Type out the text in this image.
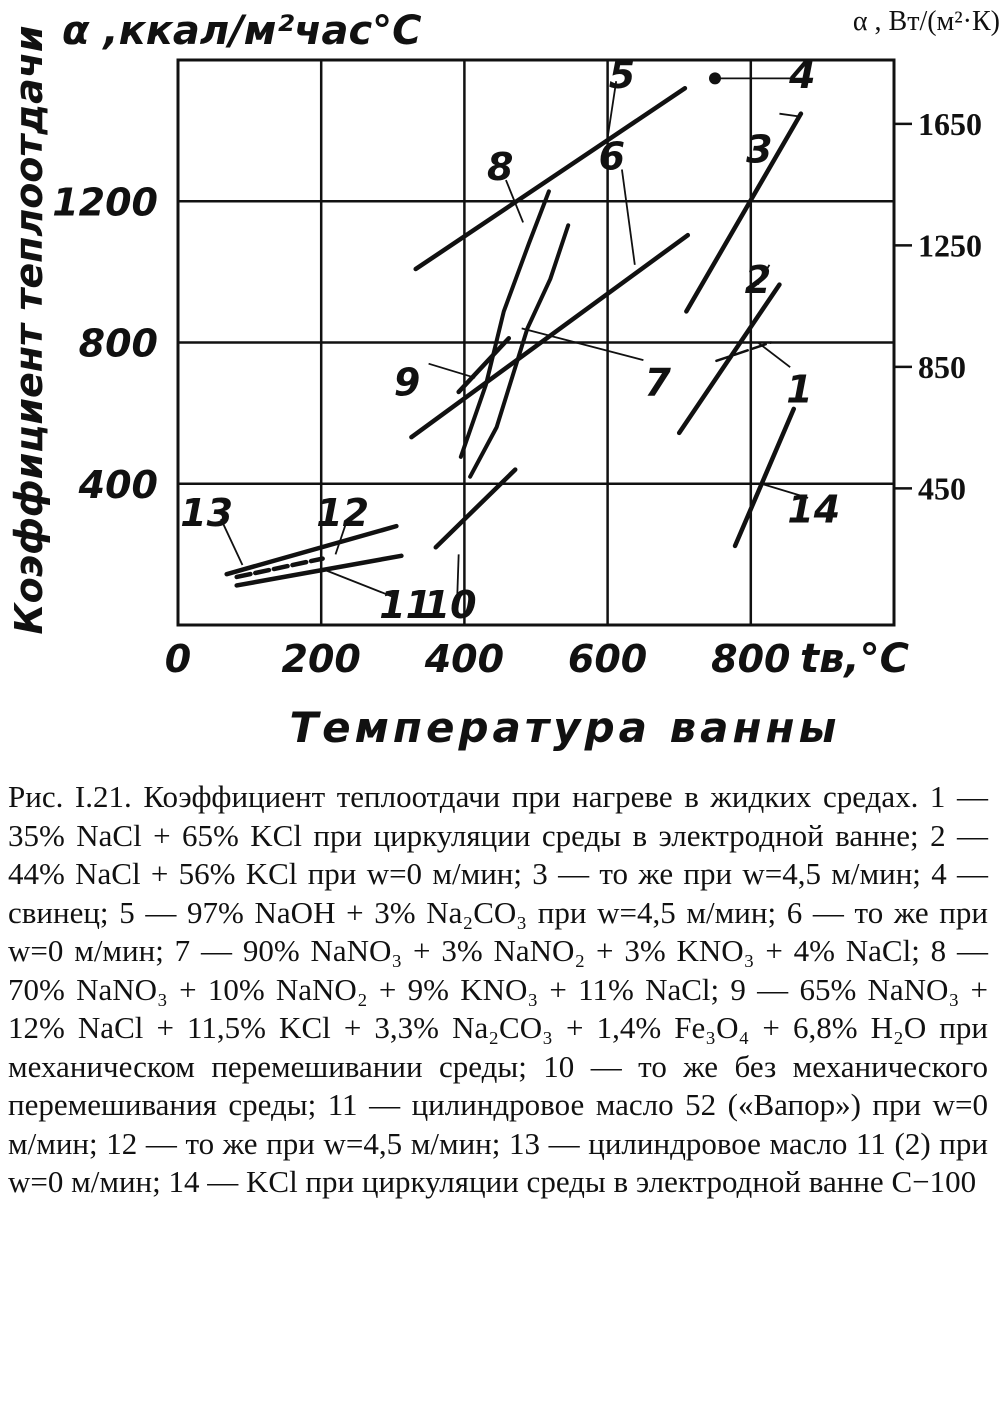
1
2
3
4
5
6
7
8
9
10
11
12
13	14
0 200 400 600 800
400
800
1200
450
850
1250
1650
α ,ккал/м²час°С	α , Вт/(м²·К)
Коэффициент теплоотдачи
tв,°С
Температура ванны
Рис. I.21. Коэффициент теплоотдачи при нагреве в жидких средах. 1 — 35% NaCl + 65% KCl при циркуляции среды в электродной ванне; 2 — 44% NaCl + 56% KCl при w=0 м/мин; 3 — то же при w=4,5 м/мин; 4 — свинец; 5 — 97% NaOH + 3% Na₂CO₃ при w=4,5 м/мин; 6 — то же при w=0 м/мин; 7 — 90% NaNO₃ + 3% NaNO₂ + 3% KNO₃ + 4% NaCl; 8 — 70% NaNO₃ + 10% NaNO₂ + 9% KNO₃ + 11% NaCl; 9 — 65% NaNO₃ + 12% NaCl + 11,5% KCl + 3,3% Na₂CO₃ + 1,4% Fe₃O₄ + 6,8% H₂O при механическом перемешивании среды; 10 — то же без механического перемешивания среды; 11 — цилиндровое масло 52 («Вапор») при w=0 м/мин; 12 — то же при w=4,5 м/мин; 13 — цилиндровое масло 11 (2) при w=0 м/мин; 14 — KCl при циркуляции среды в электродной ванне С−100
